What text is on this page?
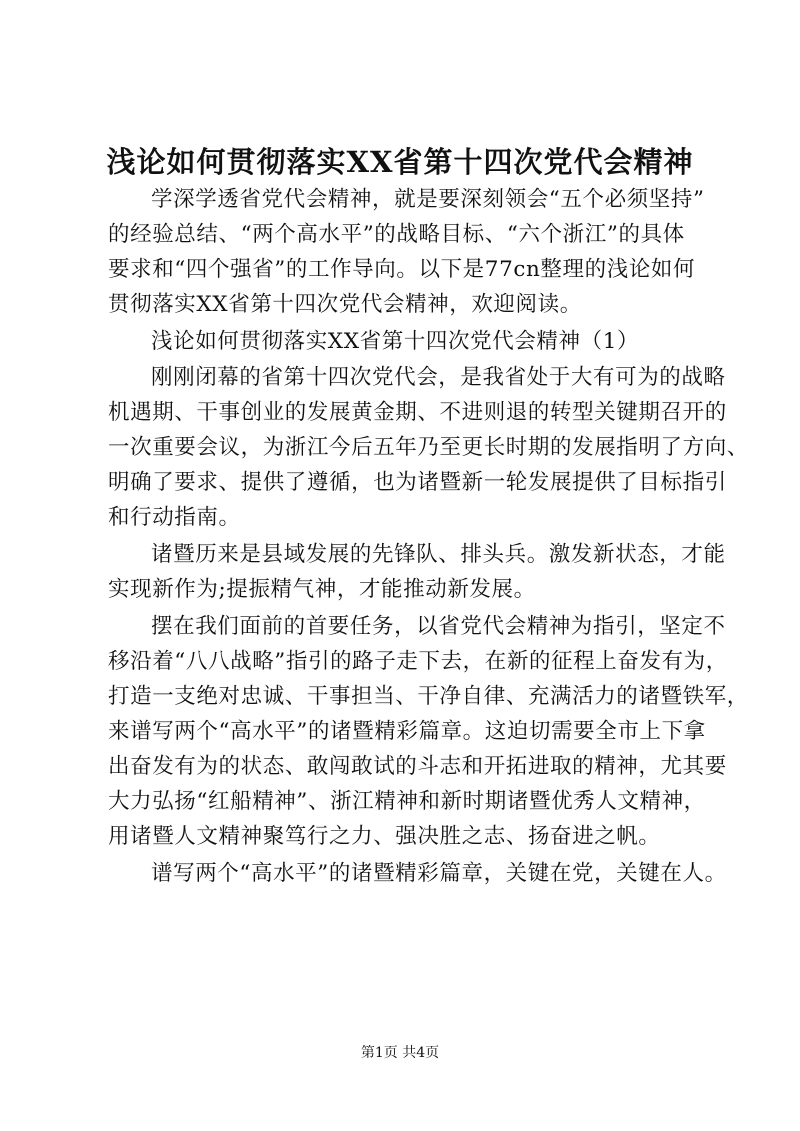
浅论如何贯彻落实XX省第十四次党代会精神
学深学透省党代会精神，就是要深刻领会“五个必须坚持”
的经验总结、“两个高水平”的战略目标、“六个浙江”的具体
要求和“四个强省”的工作导向。以下是77cn整理的浅论如何
贯彻落实XX省第十四次党代会精神，欢迎阅读。
浅论如何贯彻落实XX省第十四次党代会精神（1）
刚刚闭幕的省第十四次党代会，是我省处于大有可为的战略
机遇期、干事创业的发展黄金期、不进则退的转型关键期召开的
一次重要会议，为浙江今后五年乃至更长时期的发展指明了方向、
明确了要求、提供了遵循，也为诸暨新一轮发展提供了目标指引
和行动指南。
诸暨历来是县域发展的先锋队、排头兵。激发新状态，才能
实现新作为;提振精气神，才能推动新发展。
摆在我们面前的首要任务，以省党代会精神为指引，坚定不
移沿着“八八战略”指引的路子走下去，在新的征程上奋发有为，
打造一支绝对忠诚、干事担当、干净自律、充满活力的诸暨铁军，
来谱写两个“高水平”的诸暨精彩篇章。这迫切需要全市上下拿
出奋发有为的状态、敢闯敢试的斗志和开拓进取的精神，尤其要
大力弘扬“红船精神”、浙江精神和新时期诸暨优秀人文精神，
用诸暨人文精神聚笃行之力、强决胜之志、扬奋进之帆。
谱写两个“高水平”的诸暨精彩篇章，关键在党，关键在人。
第1页 共4页
